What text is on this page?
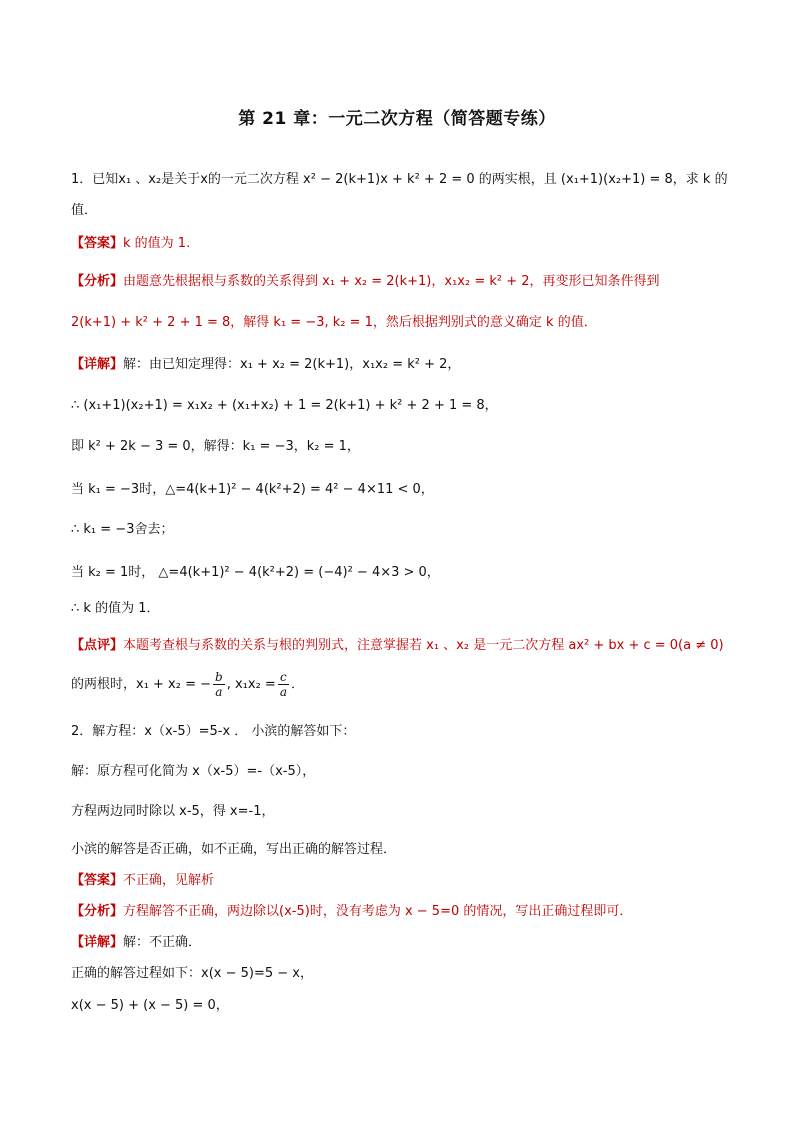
第 21 章：一元二次方程（简答题专练）
1．已知x₁ 、x₂是关于x的一元二次方程 x² − 2(k+1)x + k² + 2 = 0 的两实根，且 (x₁+1)(x₂+1) = 8，求 k 的
值．
【答案】k 的值为 1.
【分析】由题意先根据根与系数的关系得到 x₁ + x₂ = 2(k+1)，x₁x₂ = k² + 2，再变形已知条件得到
2(k+1) + k² + 2 + 1 = 8，解得 k₁ = −3, k₂ = 1，然后根据判别式的意义确定 k 的值．
【详解】解：由已知定理得：x₁ + x₂ = 2(k+1)，x₁x₂ = k² + 2，
∴ (x₁+1)(x₂+1) = x₁x₂ + (x₁+x₂) + 1 = 2(k+1) + k² + 2 + 1 = 8，
即 k² + 2k − 3 = 0，解得：k₁ = −3，k₂ = 1，
当 k₁ = −3时，△=4(k+1)² − 4(k²+2) = 4² − 4×11 < 0，
∴ k₁ = −3舍去；
当 k₂ = 1时， △=4(k+1)² − 4(k²+2) = (−4)² − 4×3 > 0，
∴ k 的值为 1．
【点评】本题考查根与系数的关系与根的判别式，注意掌握若 x₁ 、x₂ 是一元二次方程 ax² + bx + c = 0(a ≠ 0)
的两根时，x₁ + x₂ = − $\frac{b}{a}$ , $x_1x_2 = \frac{c}{a}$ ．
2．解方程：x（x-5）=5-x ． 小滨的解答如下：
解：原方程可化简为 x（x-5）=-（x-5），
方程两边同时除以 x-5，得 x=-1，
小滨的解答是否正确，如不正确，写出正确的解答过程．
【答案】不正确，见解析
【分析】方程解答不正确，两边除以(x-5)时，没有考虑为 x − 5=0 的情况，写出正确过程即可．
【详解】解：不正确．
正确的解答过程如下：x(x − 5)=5 − x，
x(x − 5) + (x − 5) = 0，
